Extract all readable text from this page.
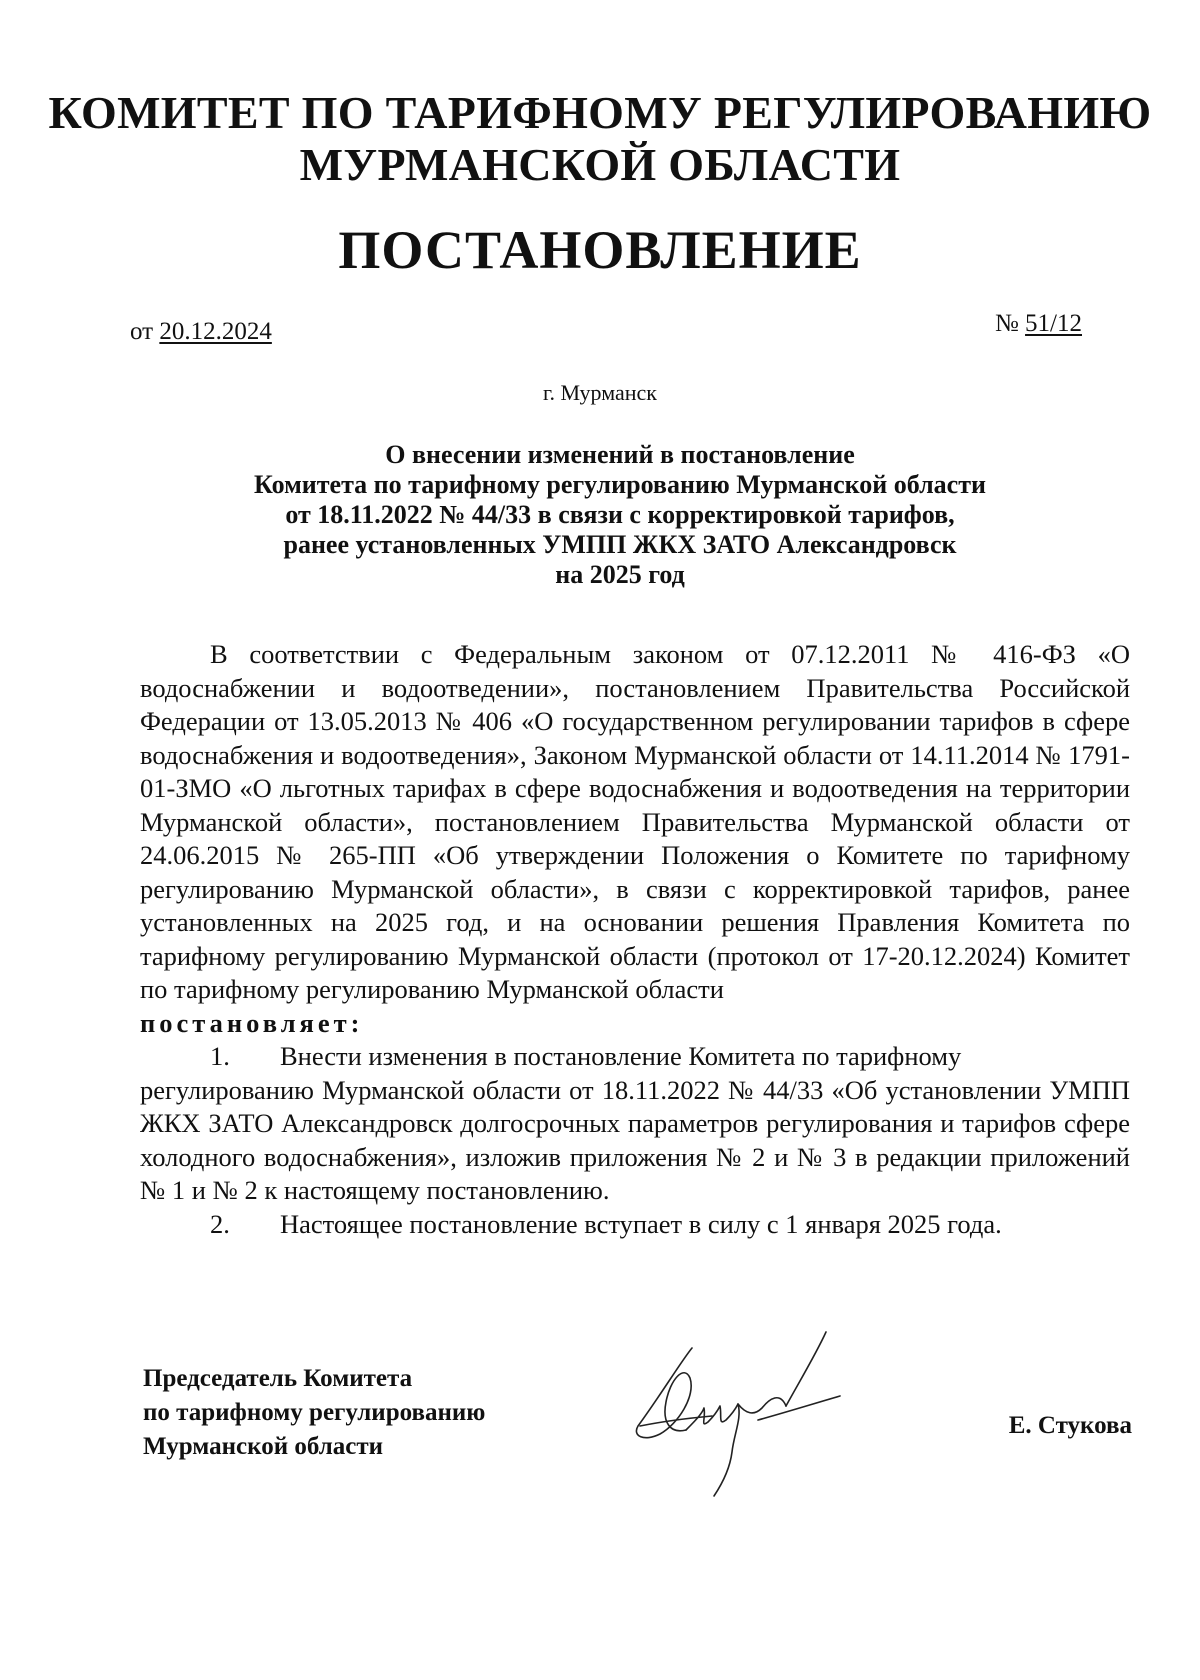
КОМИТЕТ ПО ТАРИФНОМУ РЕГУЛИРОВАНИЮ
МУРМАНСКОЙ ОБЛАСТИ
ПОСТАНОВЛЕНИЕ
от 20.12.2024	№ 51/12
г. Мурманск
О внесении изменений в постановление
Комитета по тарифному регулированию Мурманской области
от 18.11.2022 № 44/33 в связи с корректировкой тарифов,
ранее установленных УМПП ЖКХ ЗАТО Александровск
на 2025 год

В соответствии с Федеральным законом от 07.12.2011 № 416-ФЗ «О водоснабжении и водоотведении», постановлением Правительства Российской Федерации от 13.05.2013 № 406 «О государственном регулировании тарифов в сфере водоснабжения и водоотведения», Законом Мурманской области от 14.11.2014 № 1791-01-ЗМО «О льготных тарифах в сфере водоснабжения и водоотведения на территории Мурманской области», постановлением Правительства Мурманской области от 24.06.2015 № 265-ПП «Об утверждении Положения о Комитете по тарифному регулированию Мурманской области», в связи с корректировкой тарифов, ранее установленных на 2025 год, и на основании решения Правления Комитета по тарифному регулированию Мурманской области (протокол от 17-20.12.2024) Комитет по тарифному регулированию Мурманской области

постановляет:

1.	Внести изменения в постановление Комитета по тарифному

регулированию Мурманской области от 18.11.2022 № 44/33 «Об установлении УМПП ЖКХ ЗАТО Александровск долгосрочных параметров регулирования и тарифов сфере холодного водоснабжения», изложив приложения № 2 и № 3 в редакции приложений № 1 и № 2 к настоящему постановлению.

2.	Настоящее постановление вступает в силу с 1 января 2025 года.
Председатель Комитета
по тарифному регулированию
Мурманской области
Е. Стукова
